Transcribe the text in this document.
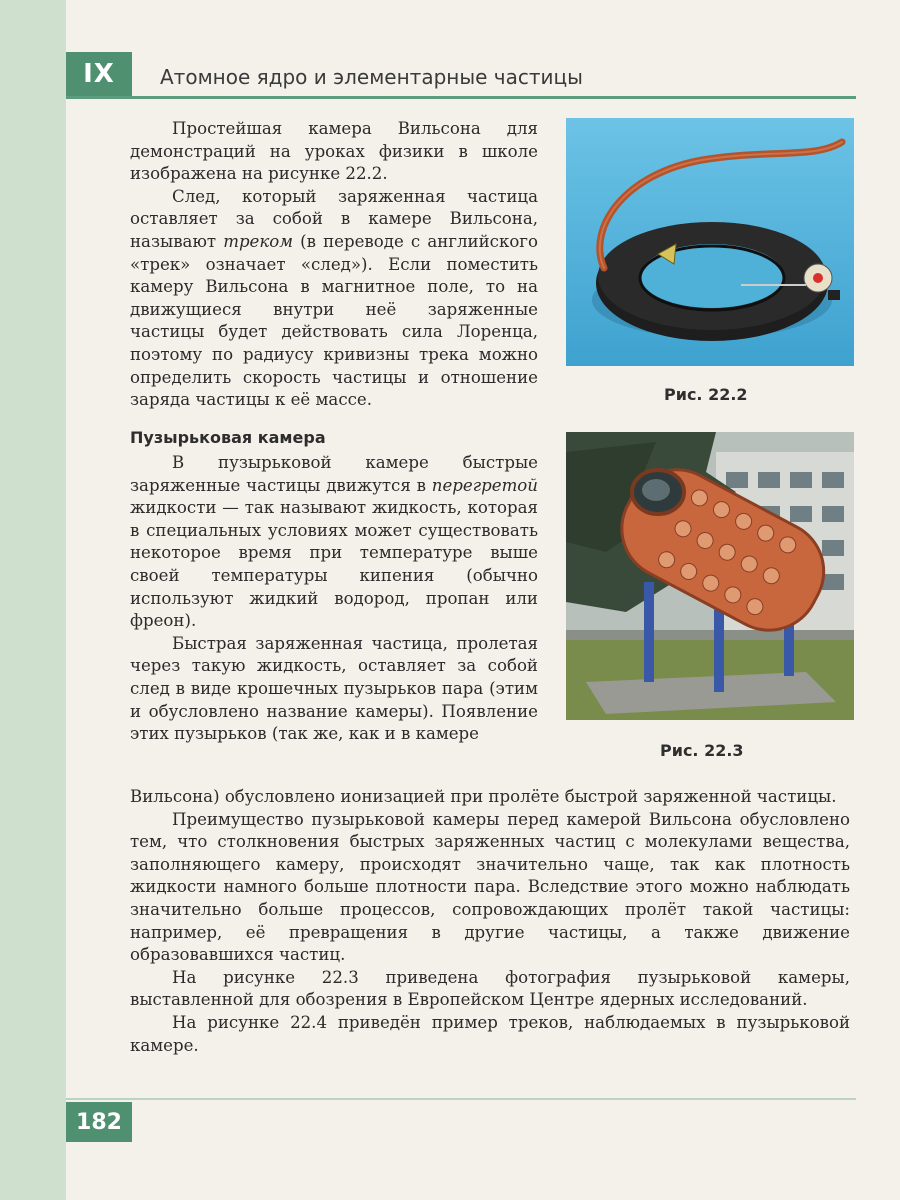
IX	Атомное ядро и элементарные частицы

Простейшая камера Вильсона для демонстраций на уроках физики в школе изображена на рисунке 22.2.

След, который заряженная частица оставляет за собой в камере Вильсона, называют треком (в переводе с английского «трек» означает «след»). Если поместить камеру Вильсона в магнитное поле, то на движущиеся внутри неё заряженные частицы будет действовать сила Лоренца, поэтому по радиусу кривизны трека можно определить скорость частицы и отношение заряда частицы к её массе.

Пузырьковая камера

В пузырьковой камере быстрые заряженные частицы движутся в перегретой жидкости — так называют жидкость, которая в специальных условиях может существовать некоторое время при температуре выше своей температуры кипения (обычно используют жидкий водород, пропан или фреон).

Быстрая заряженная частица, пролетая через такую жидкость, оставляет за собой след в виде крошечных пузырьков пара (этим и обусловлено название камеры). Появление этих пузырьков (так же, как и в камере

Вильсона) обусловлено ионизацией при пролёте быстрой заряженной частицы.

Преимущество пузырьковой камеры перед камерой Вильсона обусловлено тем, что столкновения быстрых заряженных частиц с молекулами вещества, заполняющего камеру, происходят значительно чаще, так как плотность жидкости намного больше плотности пара. Вследствие этого можно наблюдать значительно больше процессов, сопровождающих пролёт такой частицы: например, её превращения в другие частицы, а также движение образовавшихся частиц.

На рисунке 22.3 приведена фотография пузырьковой камеры, выставленной для обозрения в Европейском Центре ядерных исследований.

На рисунке 22.4 приведён пример треков, наблюдаемых в пузырьковой камере.

Рис. 22.2
Рис. 22.3
182
